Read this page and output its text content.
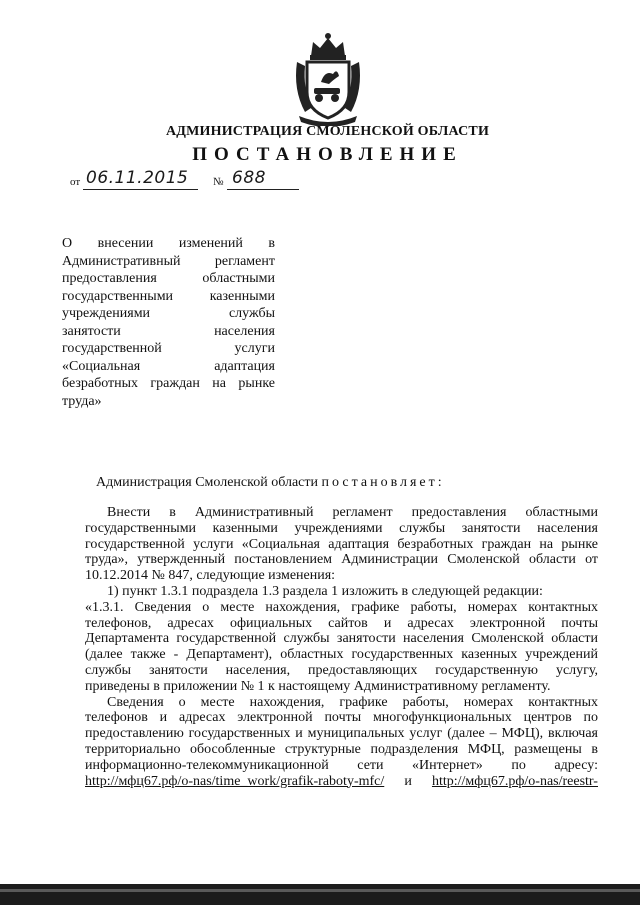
АДМИНИСТРАЦИЯ СМОЛЕНСКОЙ ОБЛАСТИ
ПОСТАНОВЛЕНИЕ
от 06.11.2015 № 688
О внесении изменений в
Административный регламент
предоставления областными
государственными казенными
учреждениями службы
занятости населения
государственной услуги
«Социальная адаптация
безработных граждан на рынке
труда»
Администрация Смоленской области постановляет:
Внести в Административный регламент предоставления областными
государственными казенными учреждениями службы занятости населения
государственной услуги «Социальная адаптация безработных граждан на рынке
труда», утвержденный постановлением Администрации Смоленской области от
10.12.2014 № 847, следующие изменения:
1) пункт 1.3.1 подраздела 1.3 раздела 1 изложить в следующей редакции:
«1.3.1. Сведения о месте нахождения, графике работы, номерах контактных
телефонов, адресах официальных сайтов и адресах электронной почты
Департамента государственной службы занятости населения Смоленской области
(далее также - Департамент), областных государственных казенных учреждений
службы занятости населения, предоставляющих государственную услугу,
приведены в приложении № 1 к настоящему Административному регламенту.
Сведения о месте нахождения, графике работы, номерах контактных
телефонов и адресах электронной почты многофункциональных центров по
предоставлению государственных и муниципальных услуг (далее – МФЦ), включая
территориально обособленные структурные подразделения МФЦ, размещены в
информационно-телекоммуникационной сети «Интернет» по адресу:
http://мфц67.рф/o-nas/time_work/grafik-raboty-mfc/ и http://мфц67.рф/o-nas/reestr-
